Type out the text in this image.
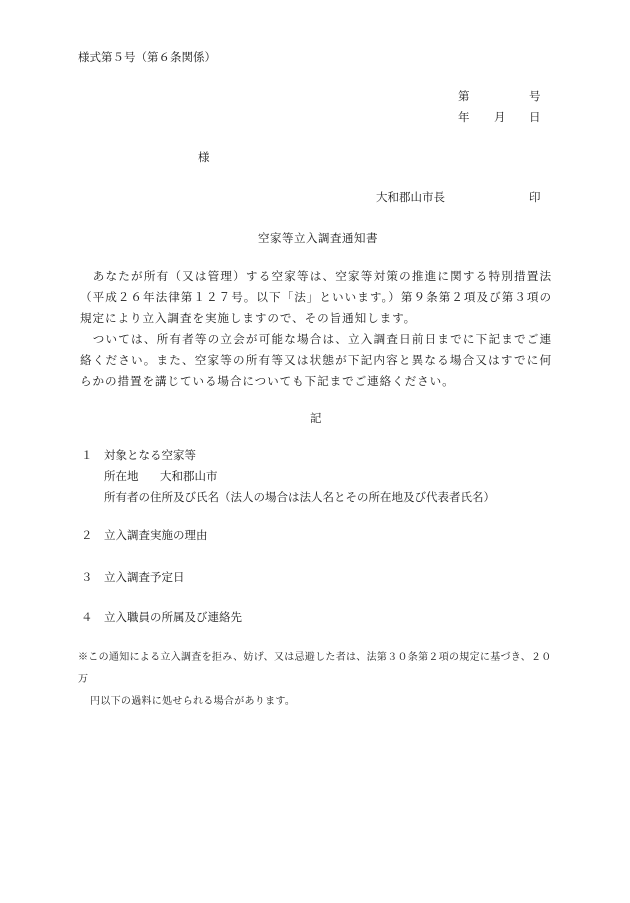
様式第５号（第６条関係）
第	号
年 月 日
様
大和郡山市長	印
空家等立入調査通知書
　あなたが所有（又は管理）する空家等は、空家等対策の推進に関する特別措置法（平成２６年法律第１２７号。以下「法」といいます。）第９条第２項及び第３項の規定により立入調査を実施しますので、その旨通知します。
　ついては、所有者等の立会が可能な場合は、立入調査日前日までに下記までご連絡ください。また、空家等の所有等又は状態が下記内容と異なる場合又はすでに何らかの措置を講じている場合についても下記までご連絡ください。
記
１ 対象となる空家等
所在地 大和郡山市
所有者の住所及び氏名（法人の場合は法人名とその所在地及び代表者氏名）
２ 立入調査実施の理由
３ 立入調査予定日
４ 立入職員の所属及び連絡先
※この通知による立入調査を拒み、妨げ、又は忌避した者は、法第３０条第２項の規定に基づき、２０万
円以下の過料に処せられる場合があります。
